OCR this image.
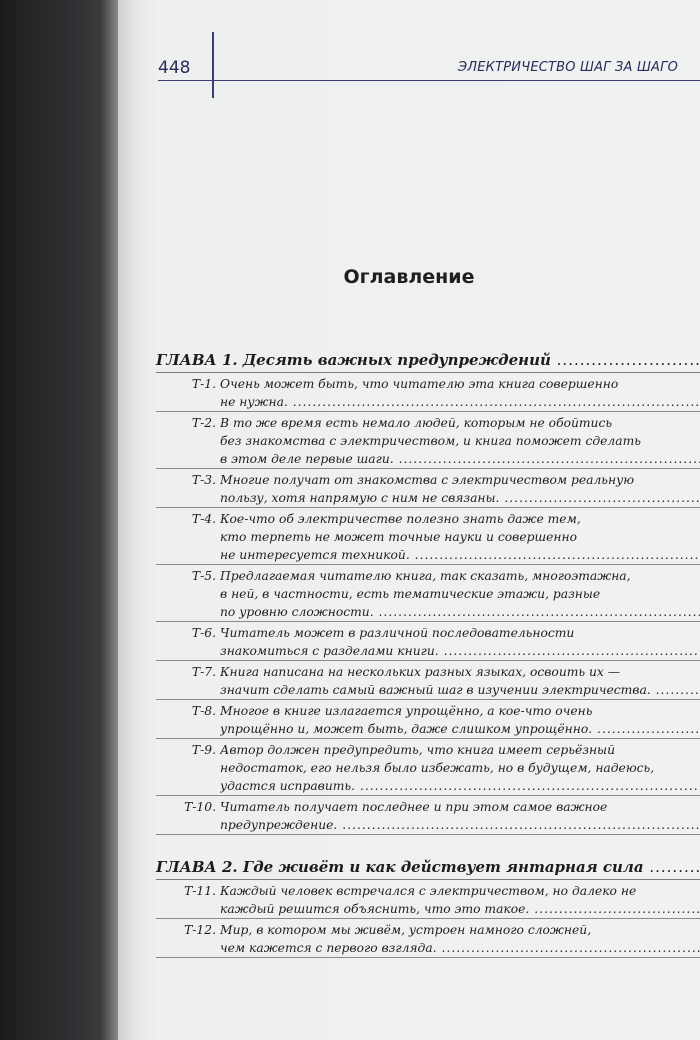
448	ЭЛЕКТРИЧЕСТВО ШАГ ЗА ШАГО
Оглавление
ГЛАВА 1. Десять важных предупреждений .....
Т-1. Очень может быть, что читателю эта книга совершенно
не нужна. .....
Т-2. В то же время есть немало людей, которым не обойтись
без знакомства с электричеством, и книга поможет сделать
в этом деле первые шаги. .....
Т-3. Многие получат от знакомства с электричеством реальную
пользу, хотя напрямую с ним не связаны. .....
Т-4. Кое-что об электричестве полезно знать даже тем,
кто терпеть не может точные науки и совершенно
не интересуется техникой. .....
Т-5. Предлагаемая читателю книга, так сказать, многоэтажна,
в ней, в частности, есть тематические этажи, разные
по уровню сложности. .....
Т-6. Читатель может в различной последовательности
знакомиться с разделами книги. .....
Т-7. Книга написана на нескольких разных языках, освоить их —
значит сделать самый важный шаг в изучении электричества. .....
Т-8. Многое в книге излагается упрощённо, а кое-что очень
упрощённо и, может быть, даже слишком упрощённо. .....
Т-9. Автор должен предупредить, что книга имеет серьёзный
недостаток, его нельзя было избежать, но в будущем, надеюсь,
удастся исправить. .....
Т-10. Читатель получает последнее и при этом самое важное
предупреждение. .....
ГЛАВА 2. Где живёт и как действует янтарная сила .....
Т-11. Каждый человек встречался с электричеством, но далеко не
каждый решится объяснить, что это такое. .....
Т-12. Мир, в котором мы живём, устроен намного сложней,
чем кажется с первого взгляда. .....
